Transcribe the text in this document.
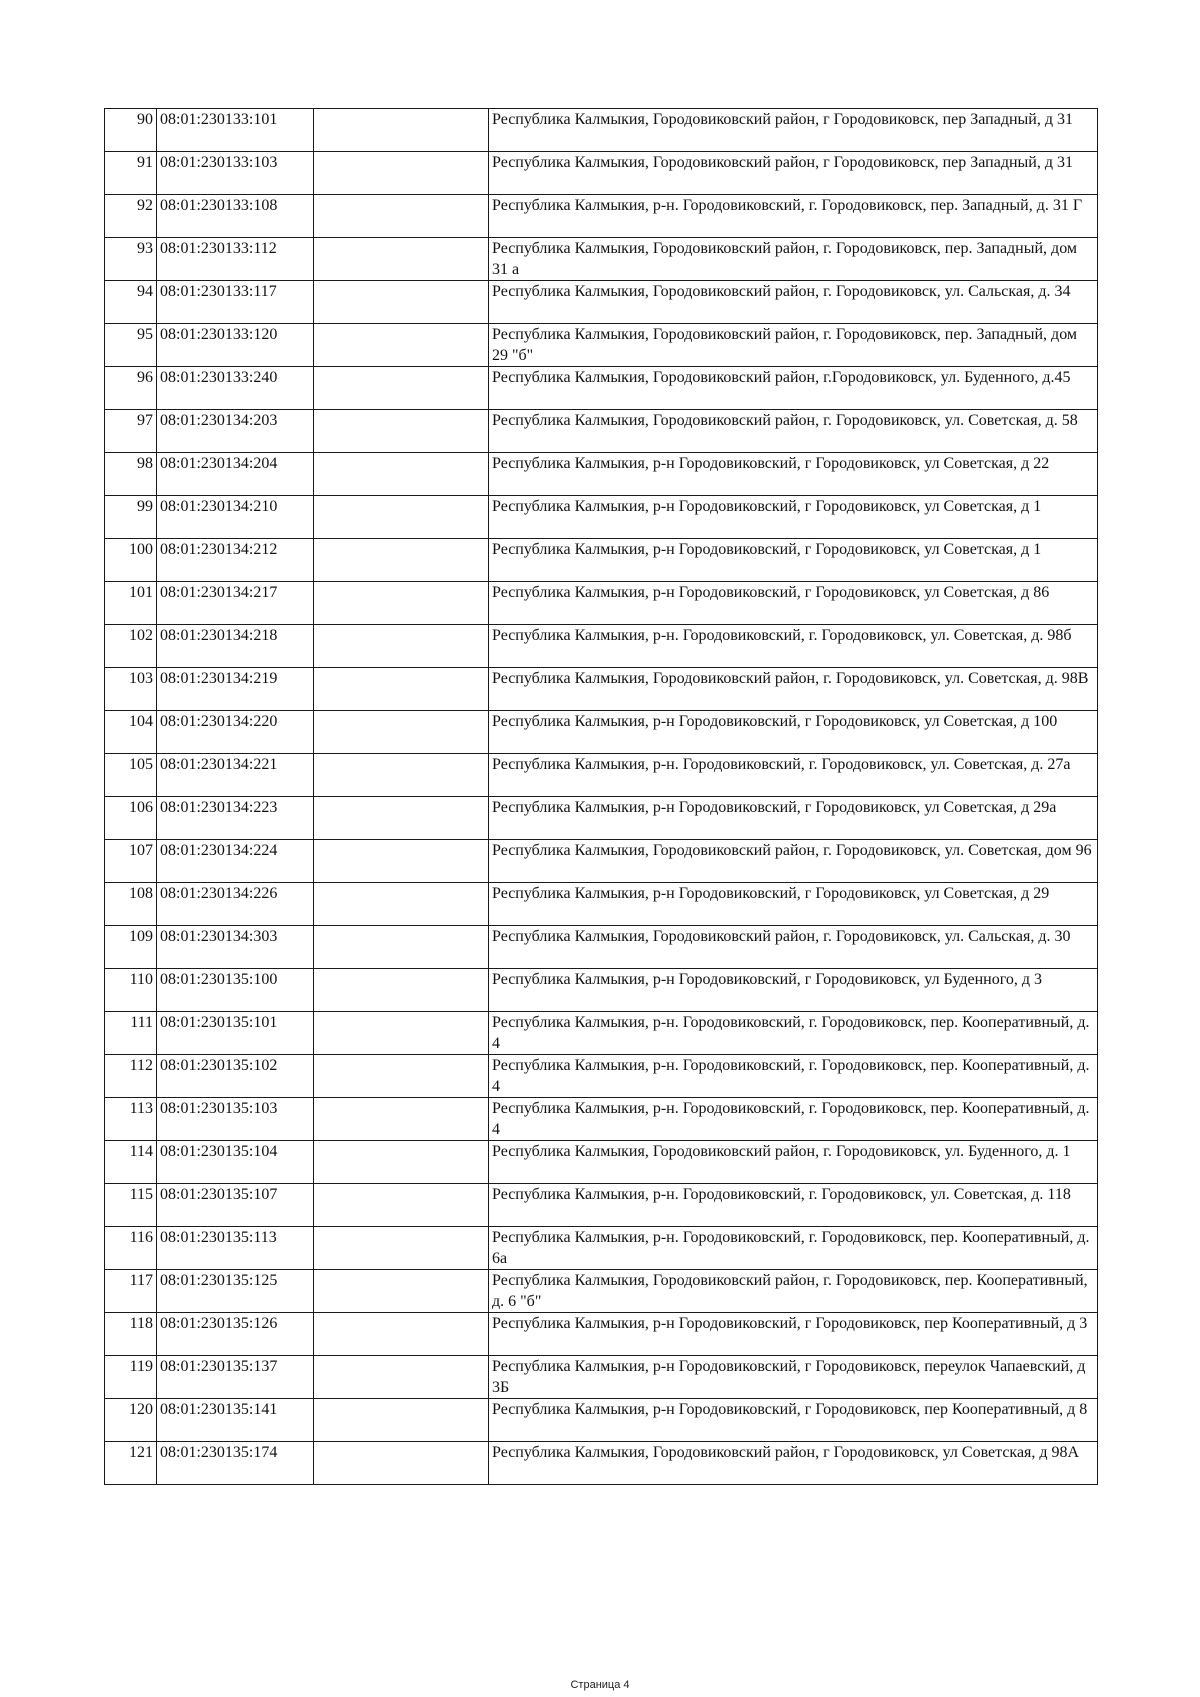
90	08:01:230133:101		Республика Калмыкия, Городовиковский район, г Городовиковск, пер Западный, д 31
91	08:01:230133:103		Республика Калмыкия, Городовиковский район, г Городовиковск, пер Западный, д 31
92	08:01:230133:108		Республика Калмыкия, р-н. Городовиковский, г. Городовиковск, пер. Западный, д. 31 Г
93	08:01:230133:112		Республика Калмыкия, Городовиковский район, г. Городовиковск, пер. Западный, дом 31 а
94	08:01:230133:117		Республика Калмыкия, Городовиковский район, г. Городовиковск, ул. Сальская, д. 34
95	08:01:230133:120		Республика Калмыкия, Городовиковский район, г. Городовиковск, пер. Западный, дом 29 "б"
96	08:01:230133:240		Республика Калмыкия, Городовиковский район, г.Городовиковск, ул. Буденного, д.45
97	08:01:230134:203		Республика Калмыкия, Городовиковский район, г. Городовиковск, ул. Советская, д. 58
98	08:01:230134:204		Республика Калмыкия, р-н Городовиковский, г Городовиковск, ул Советская, д 22
99	08:01:230134:210		Республика Калмыкия, р-н Городовиковский, г Городовиковск, ул Советская, д 1
100	08:01:230134:212		Республика Калмыкия, р-н Городовиковский, г Городовиковск, ул Советская, д 1
101	08:01:230134:217		Республика Калмыкия, р-н Городовиковский, г Городовиковск, ул Советская, д 86
102	08:01:230134:218		Республика Калмыкия, р-н. Городовиковский, г. Городовиковск, ул. Советская, д. 98б
103	08:01:230134:219		Республика Калмыкия, Городовиковский район, г. Городовиковск, ул. Советская, д. 98В
104	08:01:230134:220		Республика Калмыкия, р-н Городовиковский, г Городовиковск, ул Советская, д 100
105	08:01:230134:221		Республика Калмыкия, р-н. Городовиковский, г. Городовиковск, ул. Советская, д. 27а
106	08:01:230134:223		Республика Калмыкия, р-н Городовиковский, г Городовиковск, ул Советская, д 29а
107	08:01:230134:224		Республика Калмыкия, Городовиковский район, г. Городовиковск, ул. Советская, дом 96
108	08:01:230134:226		Республика Калмыкия, р-н Городовиковский, г Городовиковск, ул Советская, д 29
109	08:01:230134:303		Республика Калмыкия, Городовиковский район, г. Городовиковск, ул. Сальская, д. 30
110	08:01:230135:100		Республика Калмыкия, р-н Городовиковский, г Городовиковск, ул Буденного, д 3
111	08:01:230135:101		Республика Калмыкия, р-н. Городовиковский, г. Городовиковск, пер. Кооперативный, д. 4
112	08:01:230135:102		Республика Калмыкия, р-н. Городовиковский, г. Городовиковск, пер. Кооперативный, д. 4
113	08:01:230135:103		Республика Калмыкия, р-н. Городовиковский, г. Городовиковск, пер. Кооперативный, д. 4
114	08:01:230135:104		Республика Калмыкия, Городовиковский район, г. Городовиковск, ул. Буденного, д. 1
115	08:01:230135:107		Республика Калмыкия, р-н. Городовиковский, г. Городовиковск, ул. Советская, д. 118
116	08:01:230135:113		Республика Калмыкия, р-н. Городовиковский, г. Городовиковск, пер. Кооперативный, д. 6а
117	08:01:230135:125		Республика Калмыкия, Городовиковский район, г. Городовиковск, пер. Кооперативный, д. 6 "б"
118	08:01:230135:126		Республика Калмыкия, р-н Городовиковский, г Городовиковск, пер Кооперативный, д 3
119	08:01:230135:137		Республика Калмыкия, р-н Городовиковский, г Городовиковск, переулок Чапаевский, д 3Б
120	08:01:230135:141		Республика Калмыкия, р-н Городовиковский, г Городовиковск, пер Кооперативный, д 8
121	08:01:230135:174		Республика Калмыкия, Городовиковский район, г Городовиковск, ул Советская, д 98А
Страница 4
